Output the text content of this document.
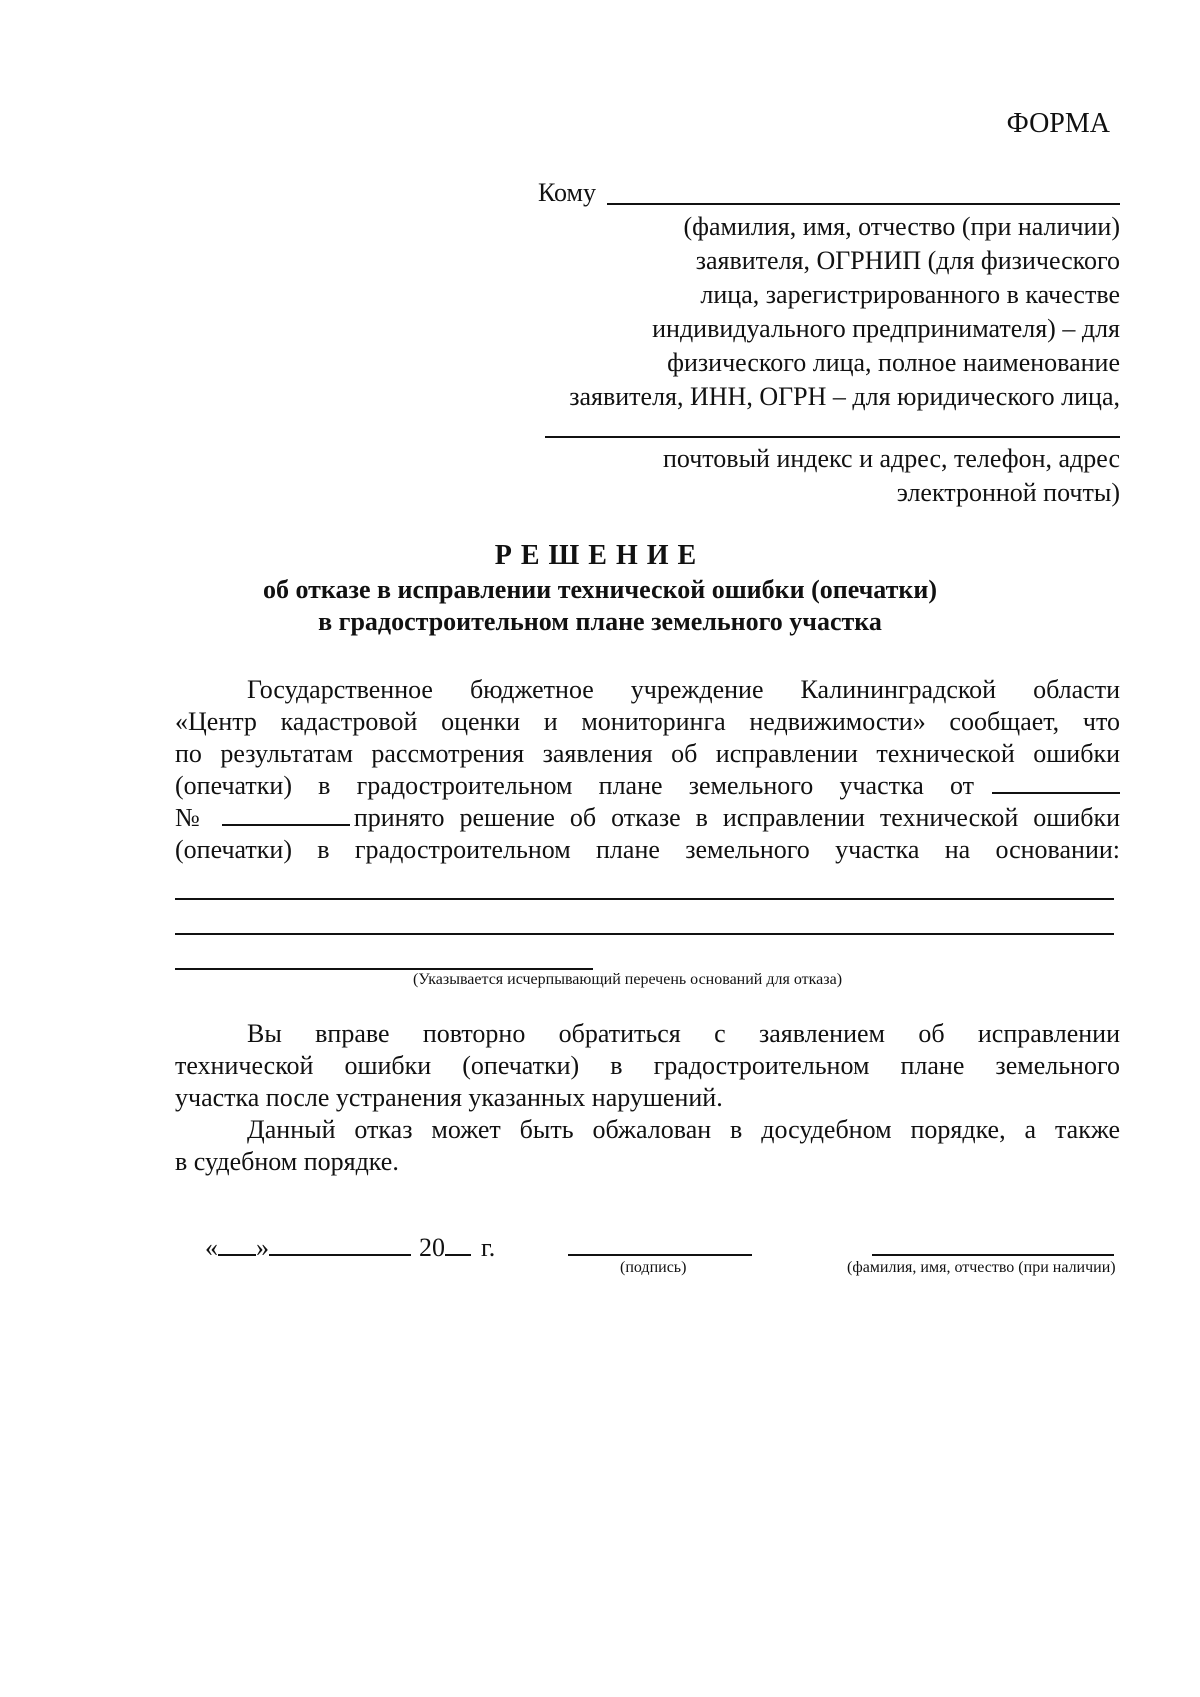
ФОРМА
Кому
(фамилия, имя, отчество (при наличии)
заявителя, ОГРНИП (для физического
лица, зарегистрированного в качестве
индивидуального предпринимателя) – для
физического лица, полное наименование
заявителя, ИНН, ОГРН – для юридического лица,
почтовый индекс и адрес, телефон, адрес
электронной почты)
РЕШЕНИЕ
об отказе в исправлении технической ошибки (опечатки)
в градостроительном плане земельного участка
Государственное бюджетное учреждение Калининградской области
«Центр кадастровой оценки и мониторинга недвижимости» сообщает, что
по результатам рассмотрения заявления об исправлении технической ошибки
(опечатки) в градостроительном плане земельного участка от
№	принято решение об отказе в исправлении технической ошибки
(опечатки) в градостроительном плане земельного участка на основании:
(Указывается исчерпывающий перечень оснований для отказа)
Вы вправе повторно обратиться с заявлением об исправлении
технической ошибки (опечатки) в градостроительном плане земельного
участка после устранения указанных нарушений.
Данный отказ может быть обжалован в досудебном порядке, а также
в судебном порядке.
« »	20 г.
(подпись)	(фамилия, имя, отчество (при наличии)
